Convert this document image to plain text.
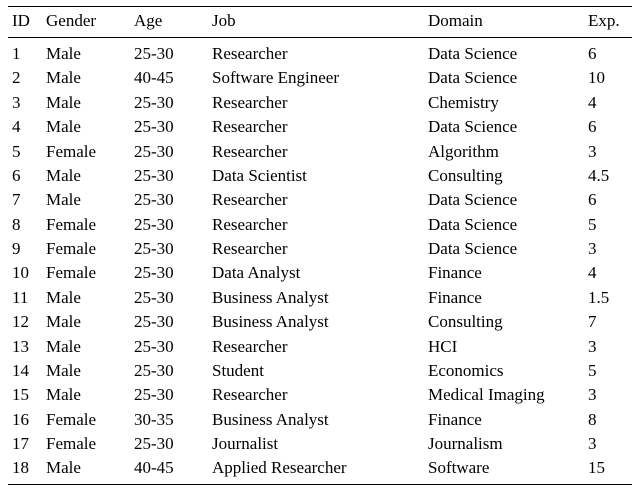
ID	Gender	Age	Job	Domain	Exp.
1	Male	25-30	Researcher	Data Science	6
2	Male	40-45	Software Engineer	Data Science	10
3	Male	25-30	Researcher	Chemistry	4
4	Male	25-30	Researcher	Data Science	6
5	Female	25-30	Researcher	Algorithm	3
6	Male	25-30	Data Scientist	Consulting	4.5
7	Male	25-30	Researcher	Data Science	6
8	Female	25-30	Researcher	Data Science	5
9	Female	25-30	Researcher	Data Science	3
10	Female	25-30	Data Analyst	Finance	4
11	Male	25-30	Business Analyst	Finance	1.5
12	Male	25-30	Business Analyst	Consulting	7
13	Male	25-30	Researcher	HCI	3
14	Male	25-30	Student	Economics	5
15	Male	25-30	Researcher	Medical Imaging	3
16	Female	30-35	Business Analyst	Finance	8
17	Female	25-30	Journalist	Journalism	3
18	Male	40-45	Applied Researcher	Software	15
